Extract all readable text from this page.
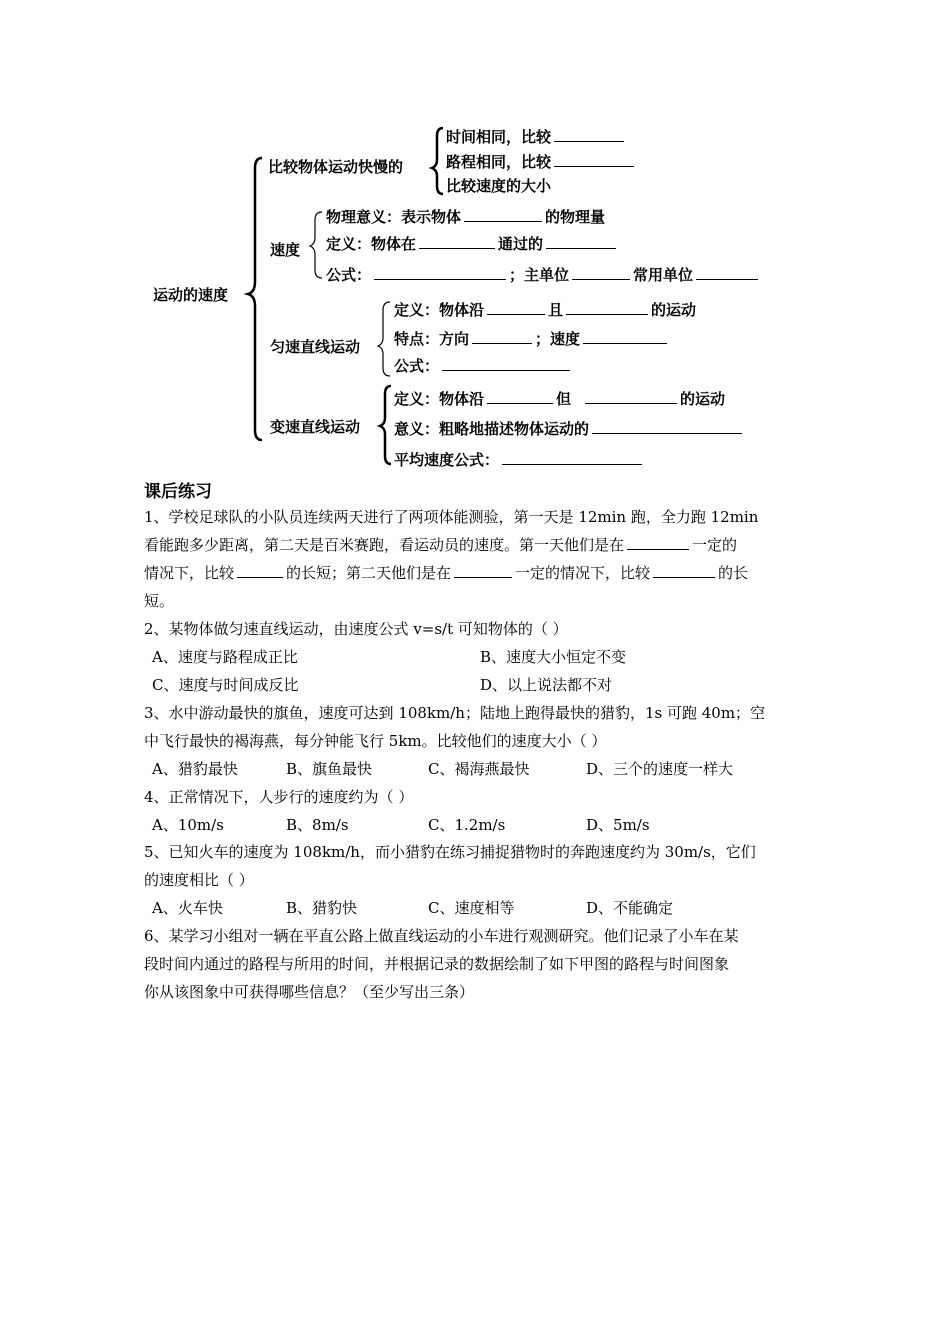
运动的速度
比较物体运动快慢的
时间相同，比较
路程相同，比较
比较速度的大小
速度
物理意义：表示物体	的物理量
定义：物体在	通过的
公式：	；主单位	常用单位
匀速直线运动
定义：物体沿	且	的运动
特点：方向	；速度
公式：
变速直线运动
定义：物体沿	但	的运动
意义：粗略地描述物体运动的
平均速度公式：
课后练习
1、学校足球队的小队员连续两天进行了两项体能测验，第一天是 12min 跑，全力跑 12min
看能跑多少距离，第二天是百米赛跑，看运动员的速度。第一天他们是在	一定的
情况下，比较	的长短；第二天他们是在	一定的情况下，比较	的长
短。
2、某物体做匀速直线运动，由速度公式 v=s/t 可知物体的（ ）
A、速度与路程成正比	B、速度大小恒定不变
C、速度与时间成反比	D、以上说法都不对
3、水中游动最快的旗鱼，速度可达到 108km/h；陆地上跑得最快的猎豹，1s 可跑 40m；空
中飞行最快的褐海燕，每分钟能飞行 5km。比较他们的速度大小（ ）
A、猎豹最快	B、旗鱼最快	C、褐海燕最快	D、三个的速度一样大
4、正常情况下，人步行的速度约为（ ）
A、10m/s	B、8m/s	C、1.2m/s	D、5m/s
5、已知火车的速度为 108km/h，而小猎豹在练习捕捉猎物时的奔跑速度约为 30m/s，它们
的速度相比（ ）
A、火车快	B、猎豹快	C、速度相等	D、不能确定
6、某学习小组对一辆在平直公路上做直线运动的小车进行观测研究。他们记录了小车在某
段时间内通过的路程与所用的时间，并根据记录的数据绘制了如下甲图的路程与时间图象
你从该图象中可获得哪些信息？（至少写出三条）
